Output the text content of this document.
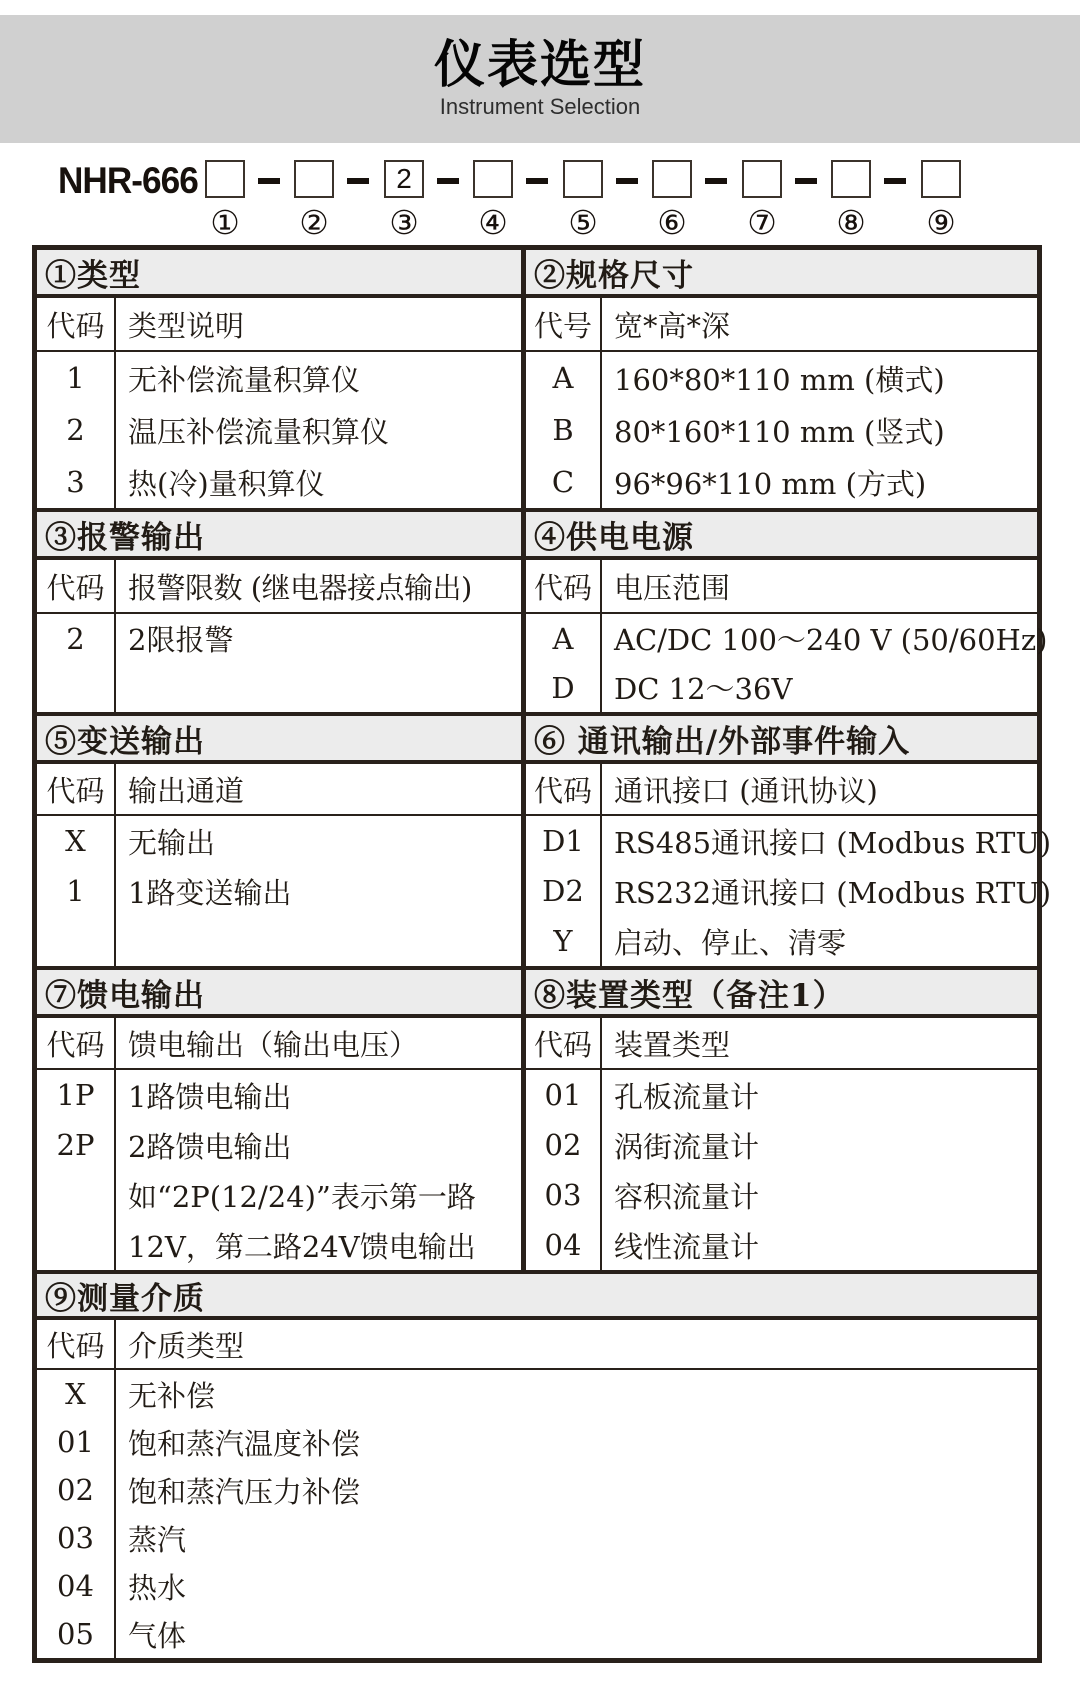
仪表选型
Instrument Selection
NHR-666	2
① ② ③ ④ ⑤ ⑥ ⑦ ⑧ ⑨
①类型
代码 类型说明
1	无补偿流量积算仪
2	温压补偿流量积算仪
3	热(冷)量积算仪
②规格尺寸
代号 宽*高*深
A	160*80*110 mm (横式)
B	80*160*110 mm (竖式)
C	96*96*110 mm (方式)
③报警输出
代码 报警限数 (继电器接点输出)
2	2限报警
④供电电源
代码 电压范围
A	AC/DC 100～240 V (50/60Hz)
D	DC 12～36V
⑤变送输出
代码 输出通道
X	无输出
1	1路变送输出
⑥ 通讯输出/外部事件输入
代码 通讯接口 (通讯协议)
D1	RS485通讯接口 (Modbus RTU)
D2	RS232通讯接口 (Modbus RTU)
Y	启动、停止、清零
⑦馈电输出
代码 馈电输出（输出电压）
1P	1路馈电输出
2P	2路馈电输出
如“2P(12/24)”表示第一路
12V，第二路24V馈电输出
⑧装置类型（备注1）
代码 装置类型
01	孔板流量计
02	涡街流量计
03	容积流量计
04	线性流量计
⑨测量介质
代码 介质类型
X	无补偿
01	饱和蒸汽温度补偿
02	饱和蒸汽压力补偿
03	蒸汽
04	热水
05	气体
